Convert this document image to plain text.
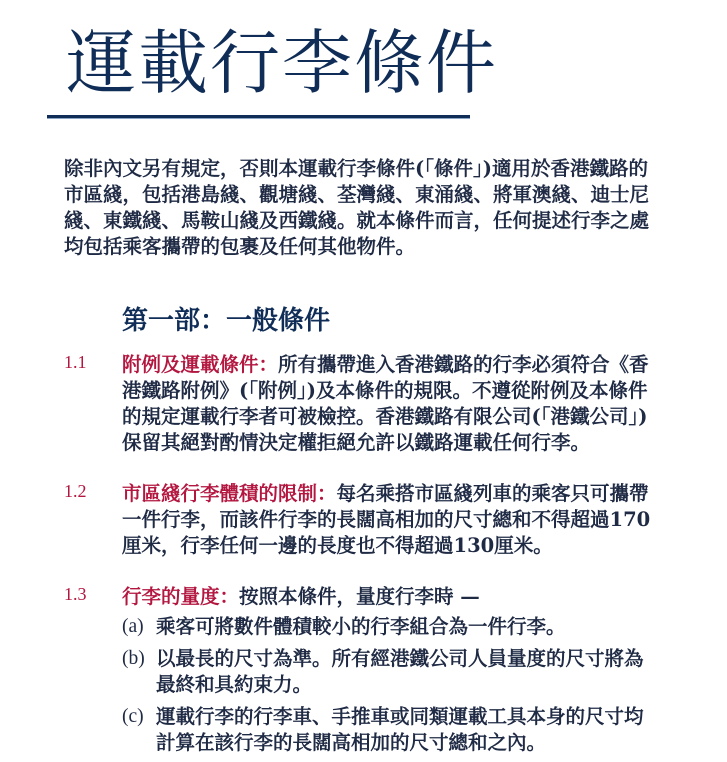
運載行李條件

除非內文另有規定，否則本運載行李條件(「條件」)適用於香港鐵路的市區綫，包括港島綫、觀塘綫、荃灣綫、東涌綫、將軍澳綫、迪士尼綫、東鐵綫、馬鞍山綫及西鐵綫。就本條件而言，任何提述行李之處均包括乘客攜帶的包裹及任何其他物件。

第一部：一般條件
1.1 附例及運載條件：所有攜帶進入香港鐵路的行李必須符合《香港鐵路附例》(「附例」)及本條件的規限。不遵從附例及本條件的規定運載行李者可被檢控。香港鐵路有限公司(「港鐵公司」)保留其絕對酌情決定權拒絕允許以鐵路運載任何行李。

1.2 市區綫行李體積的限制：每名乘搭市區綫列車的乘客只可攜帶一件行李，而該件行李的長闊高相加的尺寸總和不得超過170厘米，行李任何一邊的長度也不得超過130厘米。

1.3 行李的量度：按照本條件，量度行李時 —

(a) 乘客可將數件體積較小的行李組合為一件行李。
(b) 以最長的尺寸為準。所有經港鐵公司人員量度的尺寸將為最終和具約束力。
(c) 運載行李的行李車、手推車或同類運載工具本身的尺寸均計算在該行李的長闊高相加的尺寸總和之內。
